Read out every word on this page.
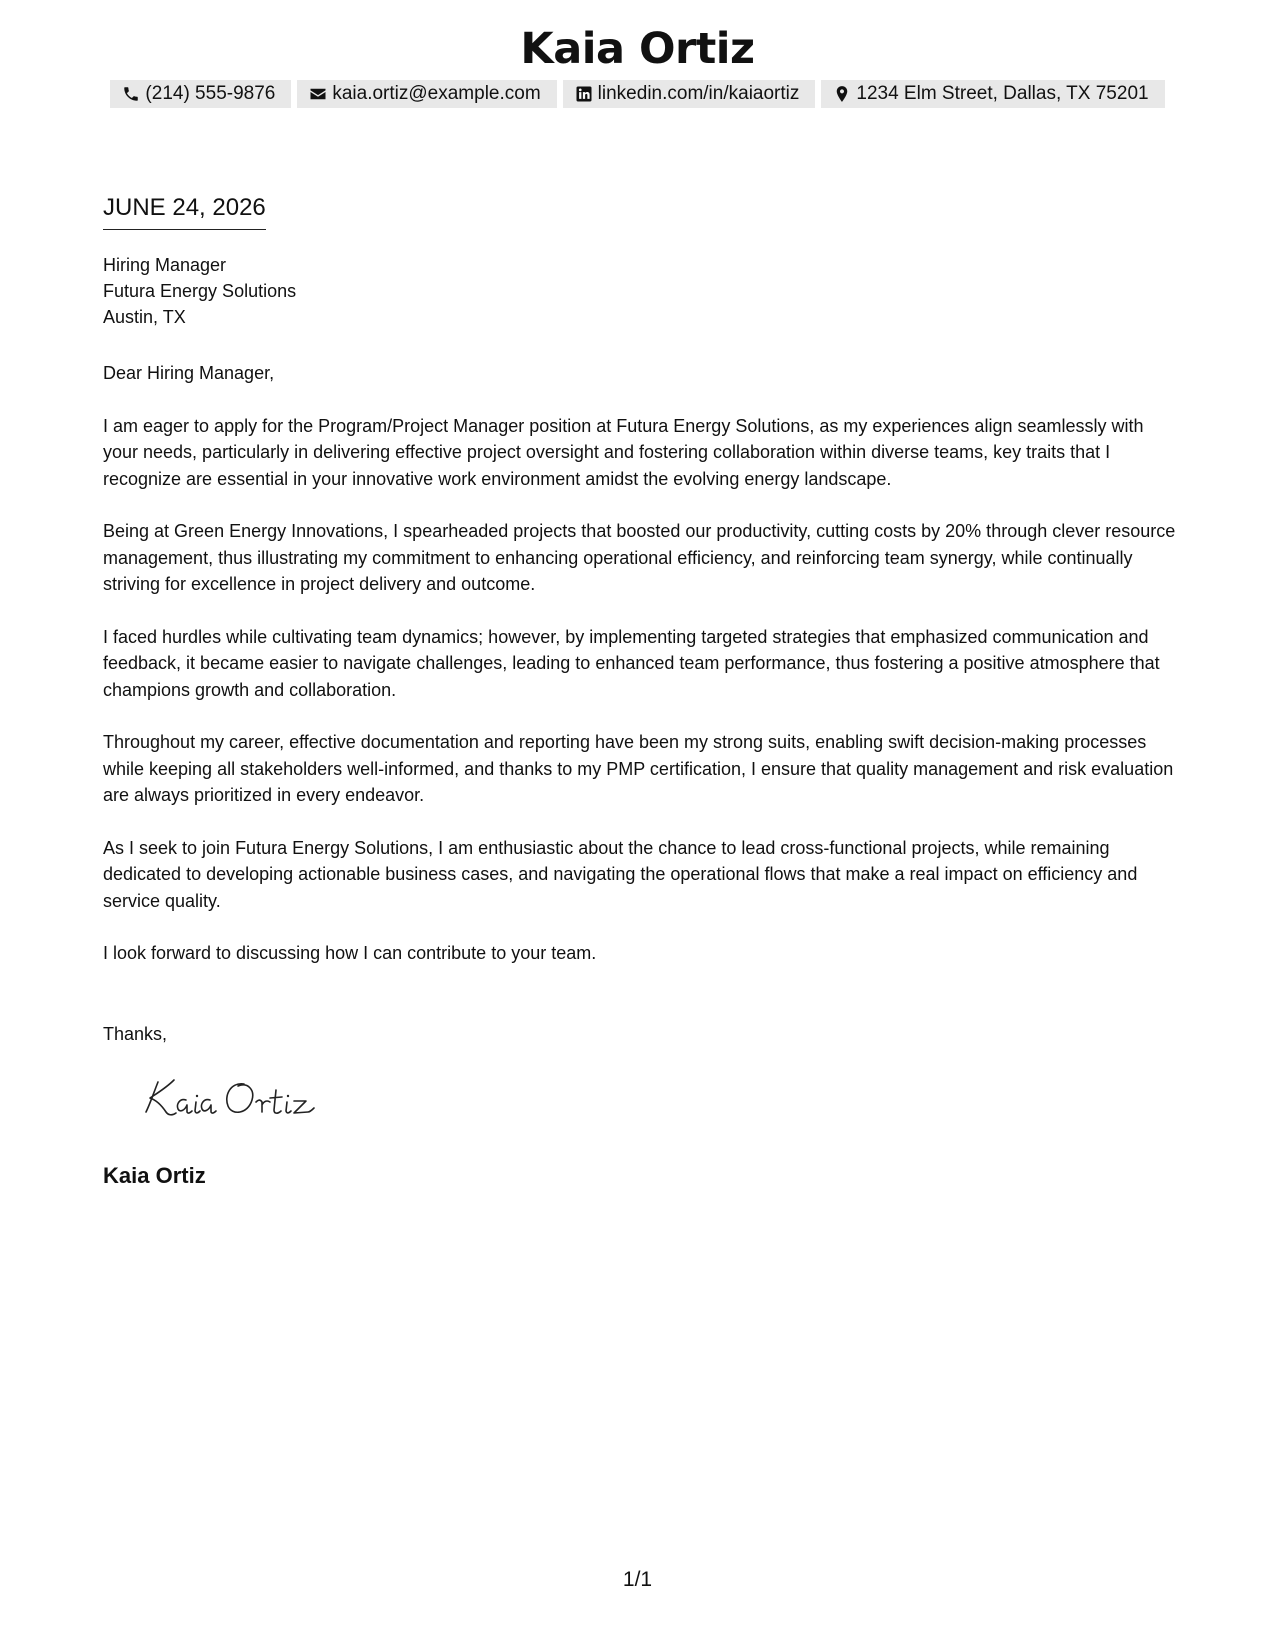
Kaia Ortiz
(214) 555-9876	kaia.ortiz@example.com	linkedin.com/in/kaiaortiz	1234 Elm Street, Dallas, TX 75201
JUNE 24, 2026
Hiring Manager
Futura Energy Solutions
Austin, TX

Dear Hiring Manager,

I am eager to apply for the Program/Project Manager position at Futura Energy Solutions, as my experiences align seamlessly with your needs, particularly in delivering effective project oversight and fostering collaboration within diverse teams, key traits that I recognize are essential in your innovative work environment amidst the evolving energy landscape.

Being at Green Energy Innovations, I spearheaded projects that boosted our productivity, cutting costs by 20% through clever resource management, thus illustrating my commitment to enhancing operational efficiency, and reinforcing team synergy, while continually striving for excellence in project delivery and outcome.

I faced hurdles while cultivating team dynamics; however, by implementing targeted strategies that emphasized communication and feedback, it became easier to navigate challenges, leading to enhanced team performance, thus fostering a positive atmosphere that champions growth and collaboration.

Throughout my career, effective documentation and reporting have been my strong suits, enabling swift decision-making processes while keeping all stakeholders well-informed, and thanks to my PMP certification, I ensure that quality management and risk evaluation are always prioritized in every endeavor.

As I seek to join Futura Energy Solutions, I am enthusiastic about the chance to lead cross-functional projects, while remaining dedicated to developing actionable business cases, and navigating the operational flows that make a real impact on efficiency and service quality.

I look forward to discussing how I can contribute to your team.

Thanks,
Kaia Ortiz
1/1
